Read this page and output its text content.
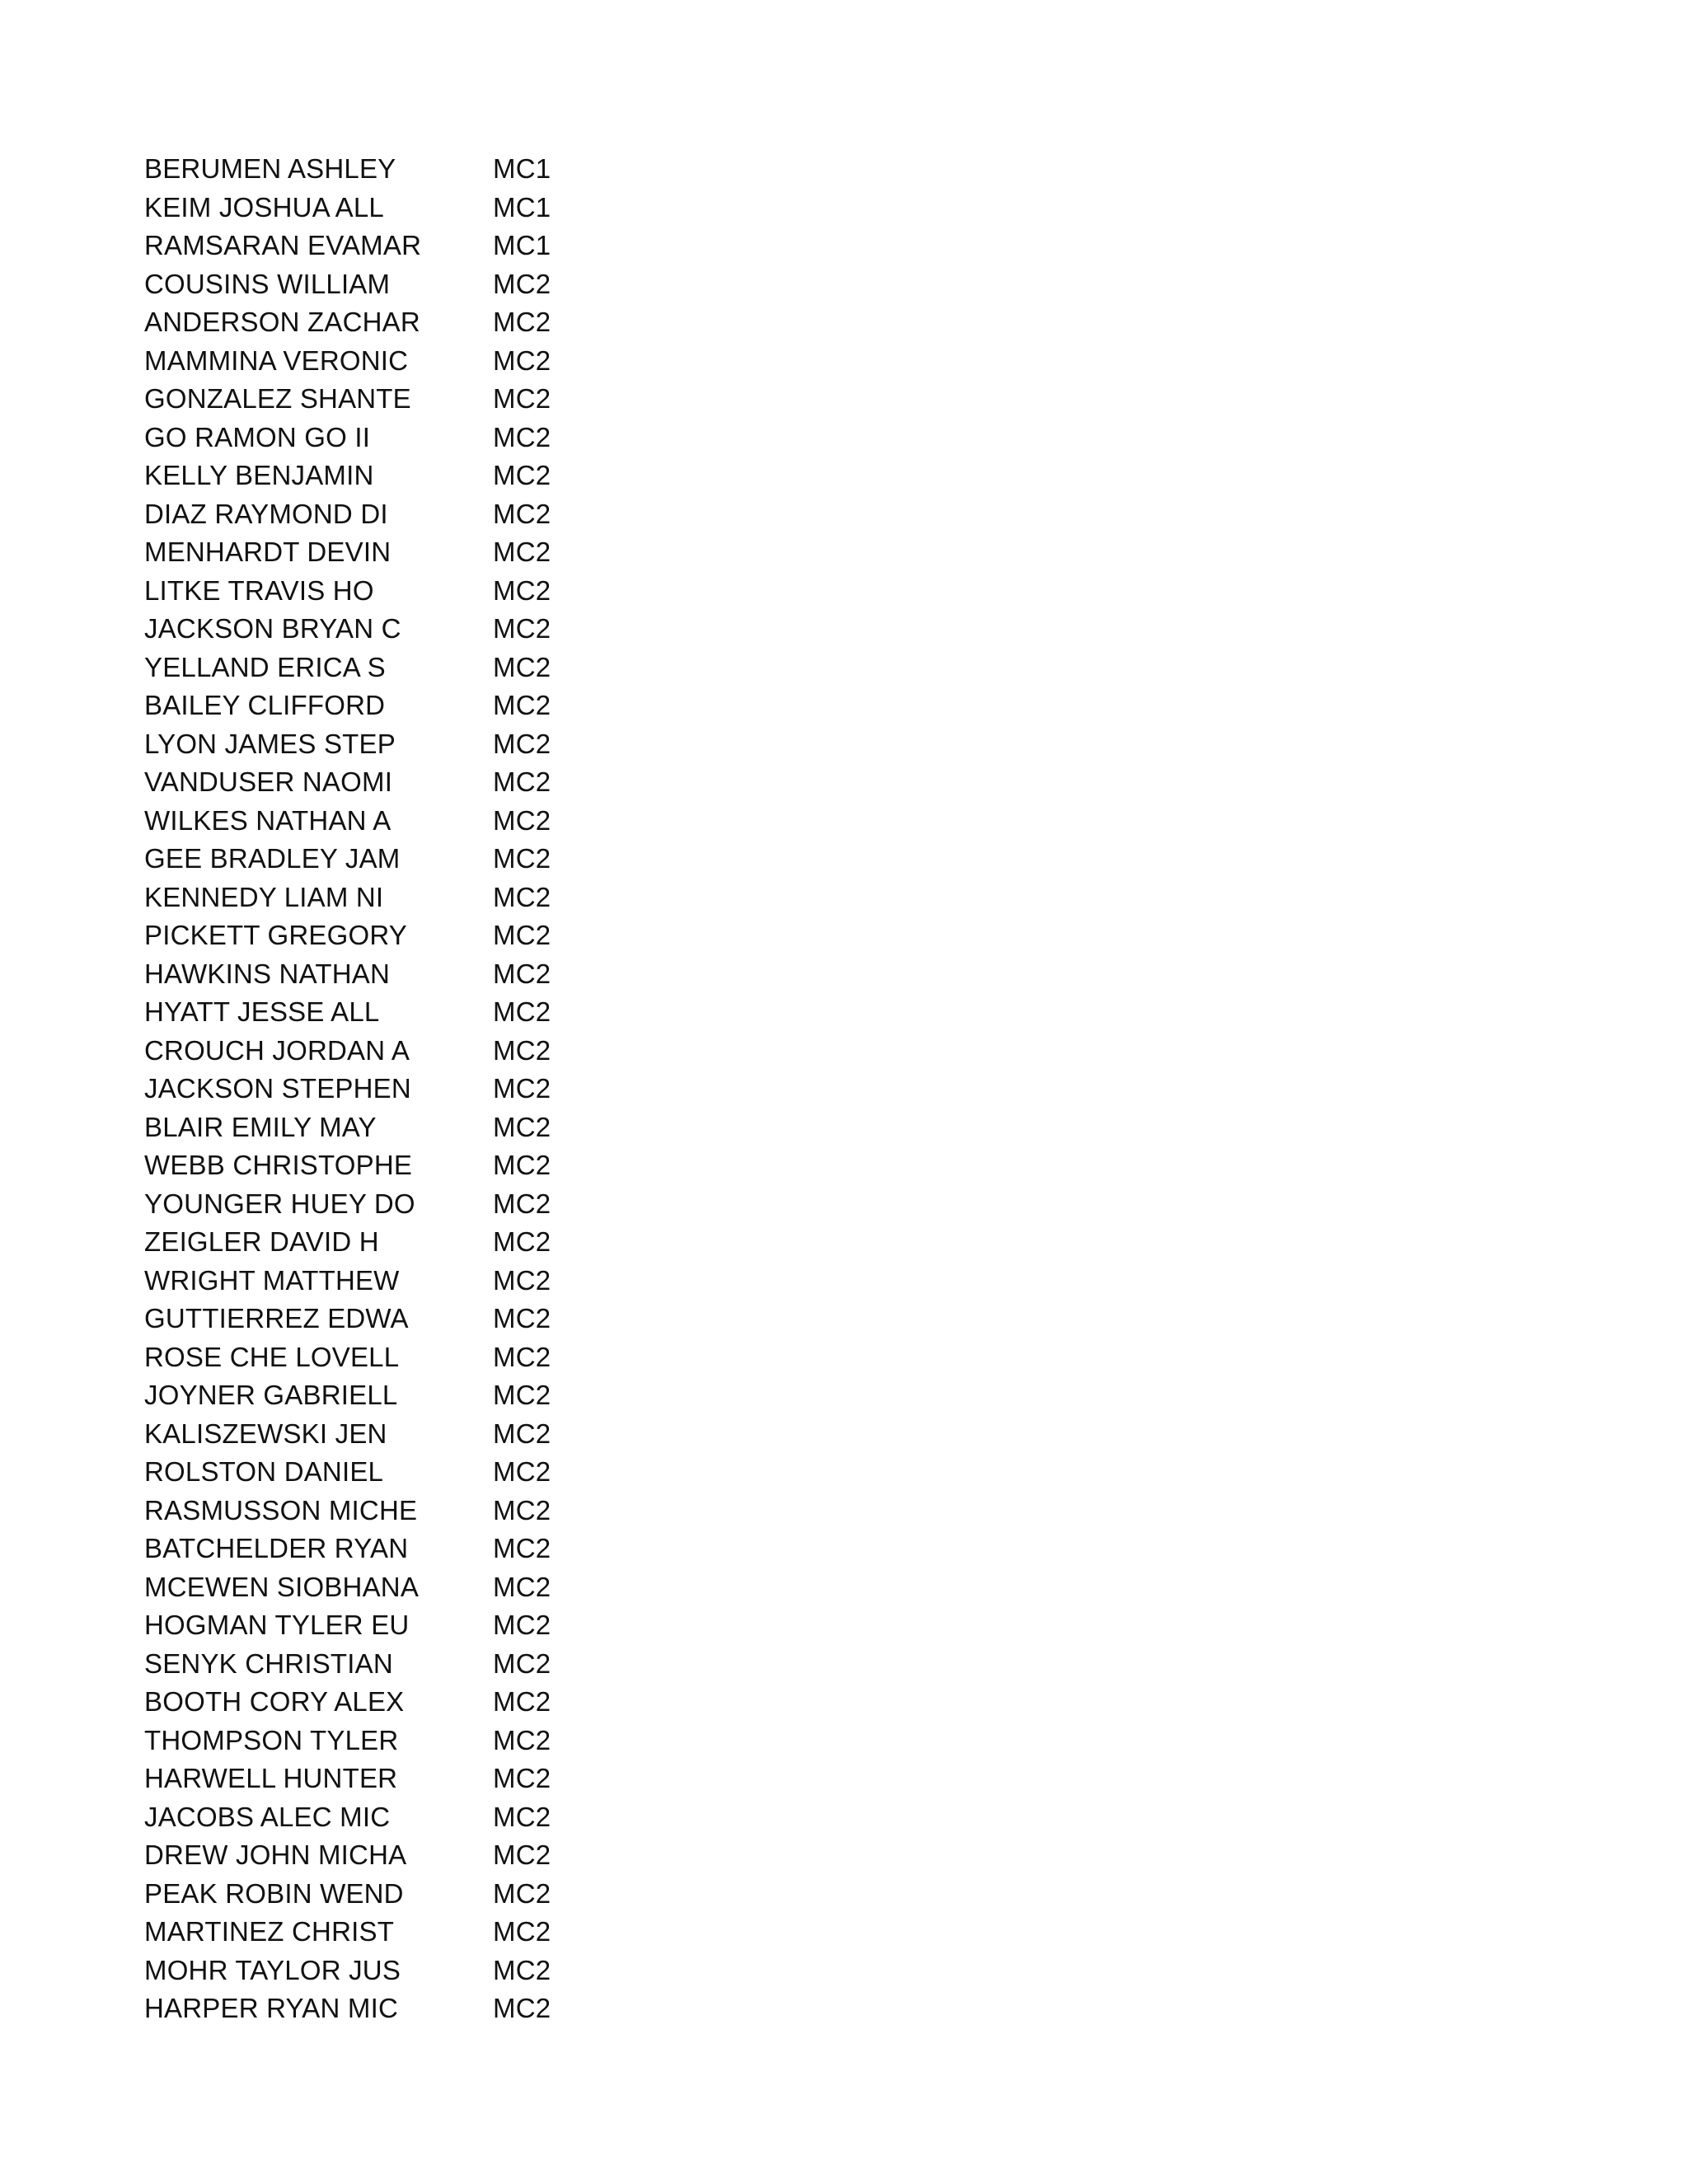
BERUMEN ASHLEY	MC1
KEIM JOSHUA ALL	MC1
RAMSARAN EVAMAR	MC1
COUSINS WILLIAM	MC2
ANDERSON ZACHAR	MC2
MAMMINA VERONIC	MC2
GONZALEZ SHANTE	MC2
GO RAMON GO II	MC2
KELLY BENJAMIN	MC2
DIAZ RAYMOND DI	MC2
MENHARDT DEVIN	MC2
LITKE TRAVIS HO	MC2
JACKSON BRYAN C	MC2
YELLAND ERICA S	MC2
BAILEY CLIFFORD	MC2
LYON JAMES STEP	MC2
VANDUSER NAOMI	MC2
WILKES NATHAN A	MC2
GEE BRADLEY JAM	MC2
KENNEDY LIAM NI	MC2
PICKETT GREGORY	MC2
HAWKINS NATHAN	MC2
HYATT JESSE ALL	MC2
CROUCH JORDAN A	MC2
JACKSON STEPHEN	MC2
BLAIR EMILY MAY	MC2
WEBB CHRISTOPHE	MC2
YOUNGER HUEY DO	MC2
ZEIGLER DAVID H	MC2
WRIGHT MATTHEW	MC2
GUTTIERREZ EDWA	MC2
ROSE CHE LOVELL	MC2
JOYNER GABRIELL	MC2
KALISZEWSKI JEN	MC2
ROLSTON DANIEL	MC2
RASMUSSON MICHE	MC2
BATCHELDER RYAN	MC2
MCEWEN SIOBHANA	MC2
HOGMAN TYLER EU	MC2
SENYK CHRISTIAN	MC2
BOOTH CORY ALEX	MC2
THOMPSON TYLER	MC2
HARWELL HUNTER	MC2
JACOBS ALEC MIC	MC2
DREW JOHN MICHA	MC2
PEAK ROBIN WEND	MC2
MARTINEZ CHRIST	MC2
MOHR TAYLOR JUS	MC2
HARPER RYAN MIC	MC2
